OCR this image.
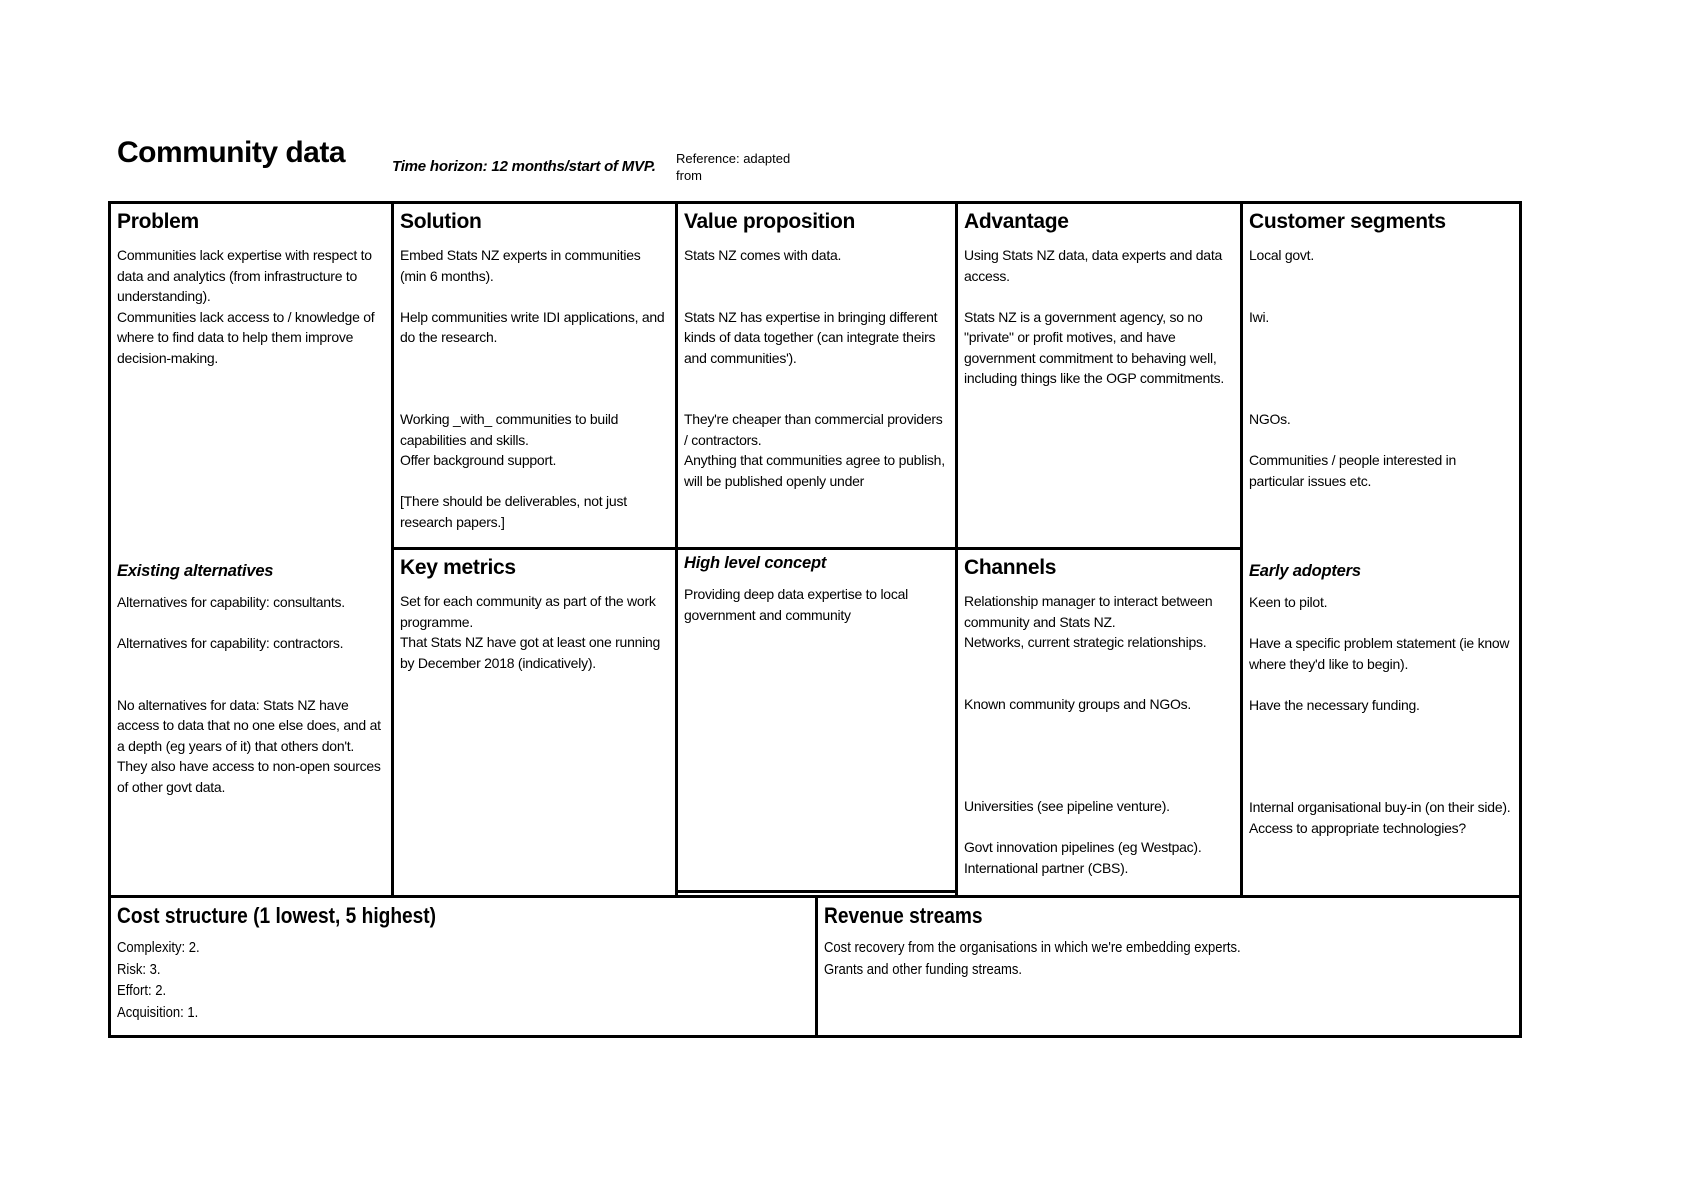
Community data	Time horizon: 12 months/start of MVP. Reference: adapted from
Problem
Communities lack expertise with respect to data and analytics (from infrastructure to understanding).
Communities lack access to / knowledge of where to find data to help them improve decision-making.
Existing alternatives
Alternatives for capability: consultants.
Alternatives for capability: contractors.
No alternatives for data: Stats NZ have access to data that no one else does, and at a depth (eg years of it) that others don't. They also have access to non-open sources of other govt data.
Solution
Embed Stats NZ experts in communities (min 6 months).
Help communities write IDI applications, and do the research.
Working _with_ communities to build capabilities and skills.
Offer background support.
[There should be deliverables, not just research papers.]
Key metrics
Set for each community as part of the work programme.
That Stats NZ have got at least one running by December 2018 (indicatively).
Value proposition
Stats NZ comes with data.
Stats NZ has expertise in bringing different kinds of data together (can integrate theirs and communities').
They're cheaper than commercial providers / contractors.
Anything that communities agree to publish, will be published openly under
High level concept
Providing deep data expertise to local government and community
Advantage
Using Stats NZ data, data experts and data access.
Stats NZ is a government agency, so no "private" or profit motives, and have government commitment to behaving well, including things like the OGP commitments.
Channels
Relationship manager to interact between community and Stats NZ.
Networks, current strategic relationships.
Known community groups and NGOs.
Universities (see pipeline venture).
Govt innovation pipelines (eg Westpac).
International partner (CBS).
Customer segments
Local govt.
Iwi.
NGOs.
Communities / people interested in particular issues etc.
Early adopters
Keen to pilot.
Have a specific problem statement (ie know where they'd like to begin).
Have the necessary funding.
Internal organisational buy-in (on their side).
Access to appropriate technologies?
Cost structure (1 lowest, 5 highest)
Complexity: 2.
Risk: 3.
Effort: 2.
Acquisition: 1.
Revenue streams
Cost recovery from the organisations in which we're embedding experts.
Grants and other funding streams.
